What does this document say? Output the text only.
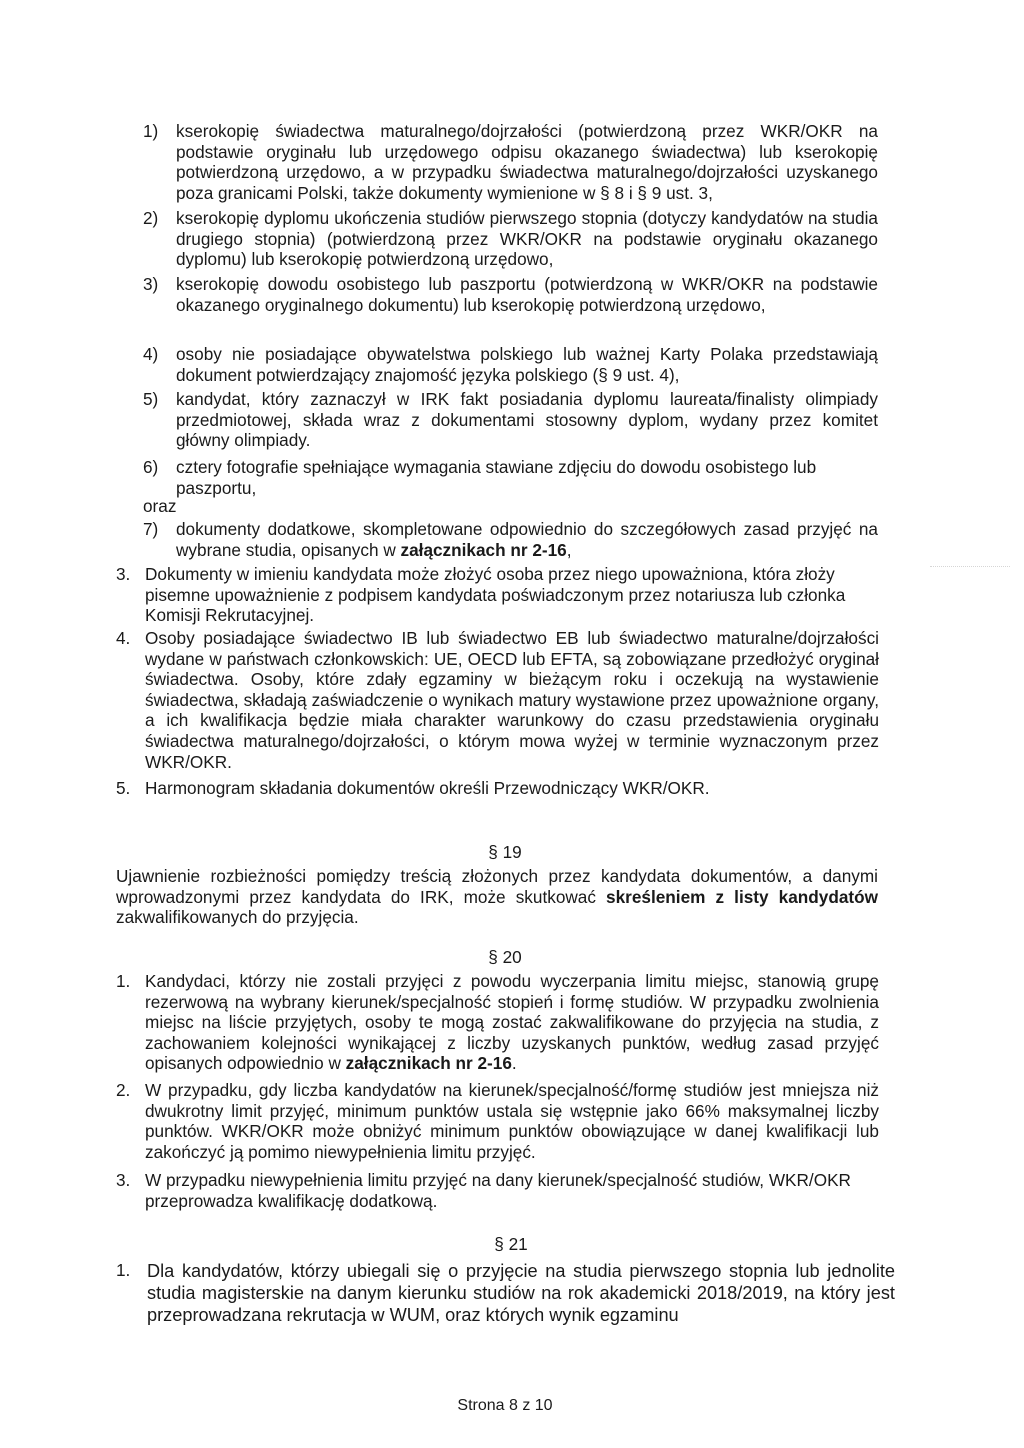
1) kserokopię świadectwa maturalnego/dojrzałości (potwierdzoną przez WKR/OKR na podstawie oryginału lub urzędowego odpisu okazanego świadectwa) lub kserokopię potwierdzoną urzędowo, a w przypadku świadectwa maturalnego/dojrzałości uzyskanego poza granicami Polski, także dokumenty wymienione w § 8 i § 9 ust. 3,

2) kserokopię dyplomu ukończenia studiów pierwszego stopnia (dotyczy kandydatów na studia drugiego stopnia) (potwierdzoną przez WKR/OKR na podstawie oryginału okazanego dyplomu) lub kserokopię potwierdzoną urzędowo,

3) kserokopię dowodu osobistego lub paszportu (potwierdzoną w WKR/OKR na podstawie okazanego oryginalnego dokumentu) lub kserokopię potwierdzoną urzędowo,

4) osoby nie posiadające obywatelstwa polskiego lub ważnej Karty Polaka przedstawiają dokument potwierdzający znajomość języka polskiego (§ 9 ust. 4),

5) kandydat, który zaznaczył w IRK fakt posiadania dyplomu laureata/finalisty olimpiady przedmiotowej, składa wraz z dokumentami stosowny dyplom, wydany przez komitet główny olimpiady.

6) cztery fotografie spełniające wymagania stawiane zdjęciu do dowodu osobistego lub paszportu,

oraz
7) dokumenty dodatkowe, skompletowane odpowiednio do szczegółowych zasad przyjęć na wybrane studia, opisanych w załącznikach nr 2-16,

3. Dokumenty w imieniu kandydata może złożyć osoba przez niego upoważniona, która złoży pisemne upoważnienie z podpisem kandydata poświadczonym przez notariusza lub członka Komisji Rekrutacyjnej.

4. Osoby posiadające świadectwo IB lub świadectwo EB lub świadectwo maturalne/dojrzałości wydane w państwach członkowskich: UE, OECD lub EFTA, są zobowiązane przedłożyć oryginał świadectwa. Osoby, które zdały egzaminy w bieżącym roku i oczekują na wystawienie świadectwa, składają zaświadczenie o wynikach matury wystawione przez upoważnione organy, a ich kwalifikacja będzie miała charakter warunkowy do czasu przedstawienia oryginału świadectwa maturalnego/dojrzałości, o którym mowa wyżej w terminie wyznaczonym przez WKR/OKR.

5. Harmonogram składania dokumentów określi Przewodniczący WKR/OKR.

§ 19

Ujawnienie rozbieżności pomiędzy treścią złożonych przez kandydata dokumentów, a danymi wprowadzonymi przez kandydata do IRK, może skutkować skreśleniem z listy kandydatów zakwalifikowanych do przyjęcia.

§ 20
1. Kandydaci, którzy nie zostali przyjęci z powodu wyczerpania limitu miejsc, stanowią grupę rezerwową na wybrany kierunek/specjalność stopień i formę studiów. W przypadku zwolnienia miejsc na liście przyjętych, osoby te mogą zostać zakwalifikowane do przyjęcia na studia, z zachowaniem kolejności wynikającej z liczby uzyskanych punktów, według zasad przyjęć opisanych odpowiednio w załącznikach nr 2-16.

2. W przypadku, gdy liczba kandydatów na kierunek/specjalność/formę studiów jest mniejsza niż dwukrotny limit przyjęć, minimum punktów ustala się wstępnie jako 66% maksymalnej liczby punktów. WKR/OKR może obniżyć minimum punktów obowiązujące w danej kwalifikacji lub zakończyć ją pomimo niewypełnienia limitu przyjęć.

3. W przypadku niewypełnienia limitu przyjęć na dany kierunek/specjalność studiów, WKR/OKR przeprowadza kwalifikację dodatkową.

§ 21
1. Dla kandydatów, którzy ubiegali się o przyjęcie na studia pierwszego stopnia lub jednolite studia magisterskie na danym kierunku studiów na rok akademicki 2018/2019, na który jest przeprowadzana rekrutacja w WUM, oraz których wynik egzaminu

Strona 8 z 10
